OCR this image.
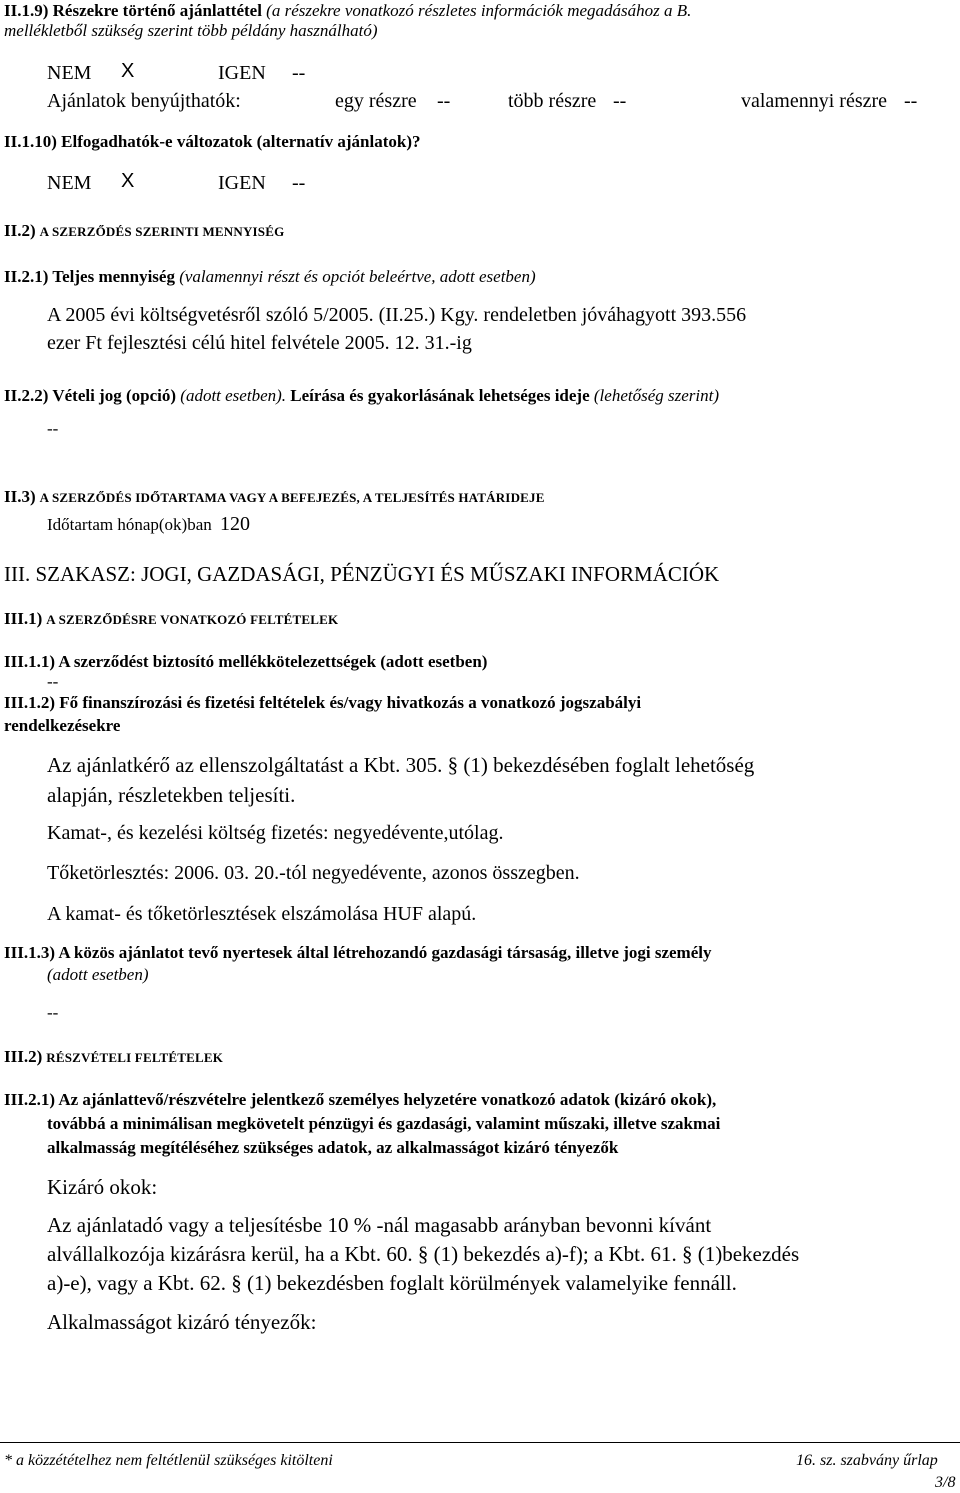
II.1.9) Részekre történő ajánlattétel (a részekre vonatkozó részletes információk megadásához a B.
mellékletből szükség szerint több példány használható)
NEM X	IGEN --
Ajánlatok benyújthatók:	egy részre --	több részre --	valamennyi részre --
II.1.10) Elfogadhatók-e változatok (alternatív ajánlatok)?
NEM X	IGEN --
II.2) A SZERZŐDÉS SZERINTI MENNYISÉG
II.2.1) Teljes mennyiség (valamennyi részt és opciót beleértve, adott esetben)
A 2005 évi költségvetésről szóló 5/2005. (II.25.) Kgy. rendeletben jóváhagyott 393.556
ezer Ft fejlesztési célú hitel felvétele 2005. 12. 31.-ig
II.2.2) Vételi jog (opció) (adott esetben). Leírása és gyakorlásának lehetséges ideje (lehetőség szerint)
--
II.3) A SZERZŐDÉS IDŐTARTAMA VAGY A BEFEJEZÉS, A TELJESÍTÉS HATÁRIDEJE
Időtartam hónap(ok)ban 120
III. SZAKASZ: JOGI, GAZDASÁGI, PÉNZÜGYI ÉS MŰSZAKI INFORMÁCIÓK
III.1) A SZERZŐDÉSRE VONATKOZÓ FELTÉTELEK
III.1.1) A szerződést biztosító mellékkötelezettségek (adott esetben)
--
III.1.2) Fő finanszírozási és fizetési feltételek és/vagy hivatkozás a vonatkozó jogszabályi
rendelkezésekre
Az ajánlatkérő az ellenszolgáltatást a Kbt. 305. § (1) bekezdésében foglalt lehetőség
alapján, részletekben teljesíti.
Kamat-, és kezelési költség fizetés: negyedévente,utólag.
Tőketörlesztés: 2006. 03. 20.-tól negyedévente, azonos összegben.
A kamat- és tőketörlesztések elszámolása HUF alapú.
III.1.3) A közös ajánlatot tevő nyertesek által létrehozandó gazdasági társaság, illetve jogi személy
(adott esetben)
--
III.2) RÉSZVÉTELI FELTÉTELEK
III.2.1) Az ajánlattevő/részvételre jelentkező személyes helyzetére vonatkozó adatok (kizáró okok),
továbbá a minimálisan megkövetelt pénzügyi és gazdasági, valamint műszaki, illetve szakmai
alkalmasság megítéléséhez szükséges adatok, az alkalmasságot kizáró tényezők
Kizáró okok:
Az ajánlatadó vagy a teljesítésbe 10 % -nál magasabb arányban bevonni kívánt
alvállalkozója kizárásra kerül, ha a Kbt. 60. § (1) bekezdés a)-f); a Kbt. 61. § (1)bekezdés
a)-e), vagy a Kbt. 62. § (1) bekezdésben foglalt körülmények valamelyike fennáll.
Alkalmasságot kizáró tényezők:
* a közzétételhez nem feltétlenül szükséges kitölteni	16. sz. szabvány űrlap
3/8
